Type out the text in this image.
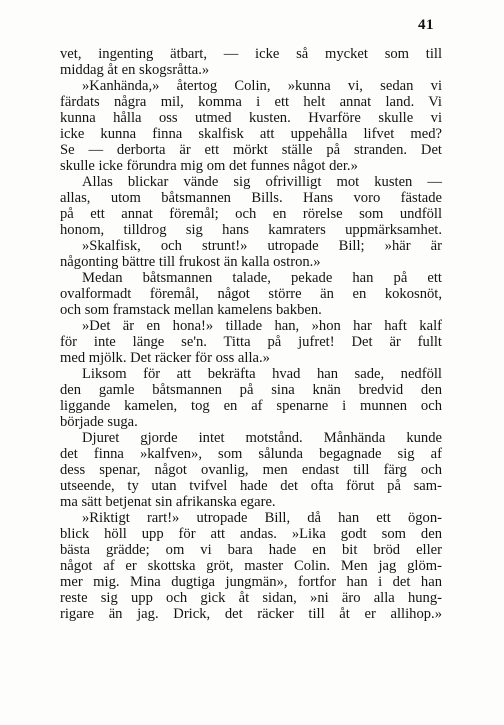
41
vet, ingenting ätbart, — icke så mycket som till
middag åt en skogsråtta.»
»Kanhända,» återtog Colin, »kunna vi, sedan vi
färdats några mil, komma i ett helt annat land. Vi
kunna hålla oss utmed kusten. Hvarföre skulle vi
icke kunna finna skalfisk att uppehålla lifvet med?
Se — derborta är ett mörkt ställe på stranden. Det
skulle icke förundra mig om det funnes något der.»
Allas blickar vände sig ofrivilligt mot kusten —
allas, utom båtsmannen Bills. Hans voro fästade
på ett annat föremål; och en rörelse som undföll
honom, tilldrog sig hans kamraters uppmärksamhet.
»Skalfisk, och strunt!» utropade Bill; »här är
någonting bättre till frukost än kalla ostron.»
Medan båtsmannen talade, pekade han på ett
ovalformadt föremål, något större än en kokosnöt,
och som framstack mellan kamelens bakben.
»Det är en hona!» tillade han, »hon har haft kalf
för inte länge se'n. Titta på jufret! Det är fullt
med mjölk. Det räcker för oss alla.»
Liksom för att bekräfta hvad han sade, nedföll
den gamle båtsmannen på sina knän bredvid den
liggande kamelen, tog en af spenarne i munnen och
började suga.
Djuret gjorde intet motstånd. Månhända kunde
det finna »kalfven», som sålunda begagnade sig af
dess spenar, något ovanlig, men endast till färg och
utseende, ty utan tvifvel hade det ofta förut på sam-
ma sätt betjenat sin afrikanska egare.
»Riktigt rart!» utropade Bill, då han ett ögon-
blick höll upp för att andas. »Lika godt som den
bästa grädde; om vi bara hade en bit bröd eller
något af er skottska gröt, master Colin. Men jag glöm-
mer mig. Mina dugtiga jungmän», fortfor han i det han
reste sig upp och gick åt sidan, »ni äro alla hung-
rigare än jag. Drick, det räcker till åt er allihop.»
